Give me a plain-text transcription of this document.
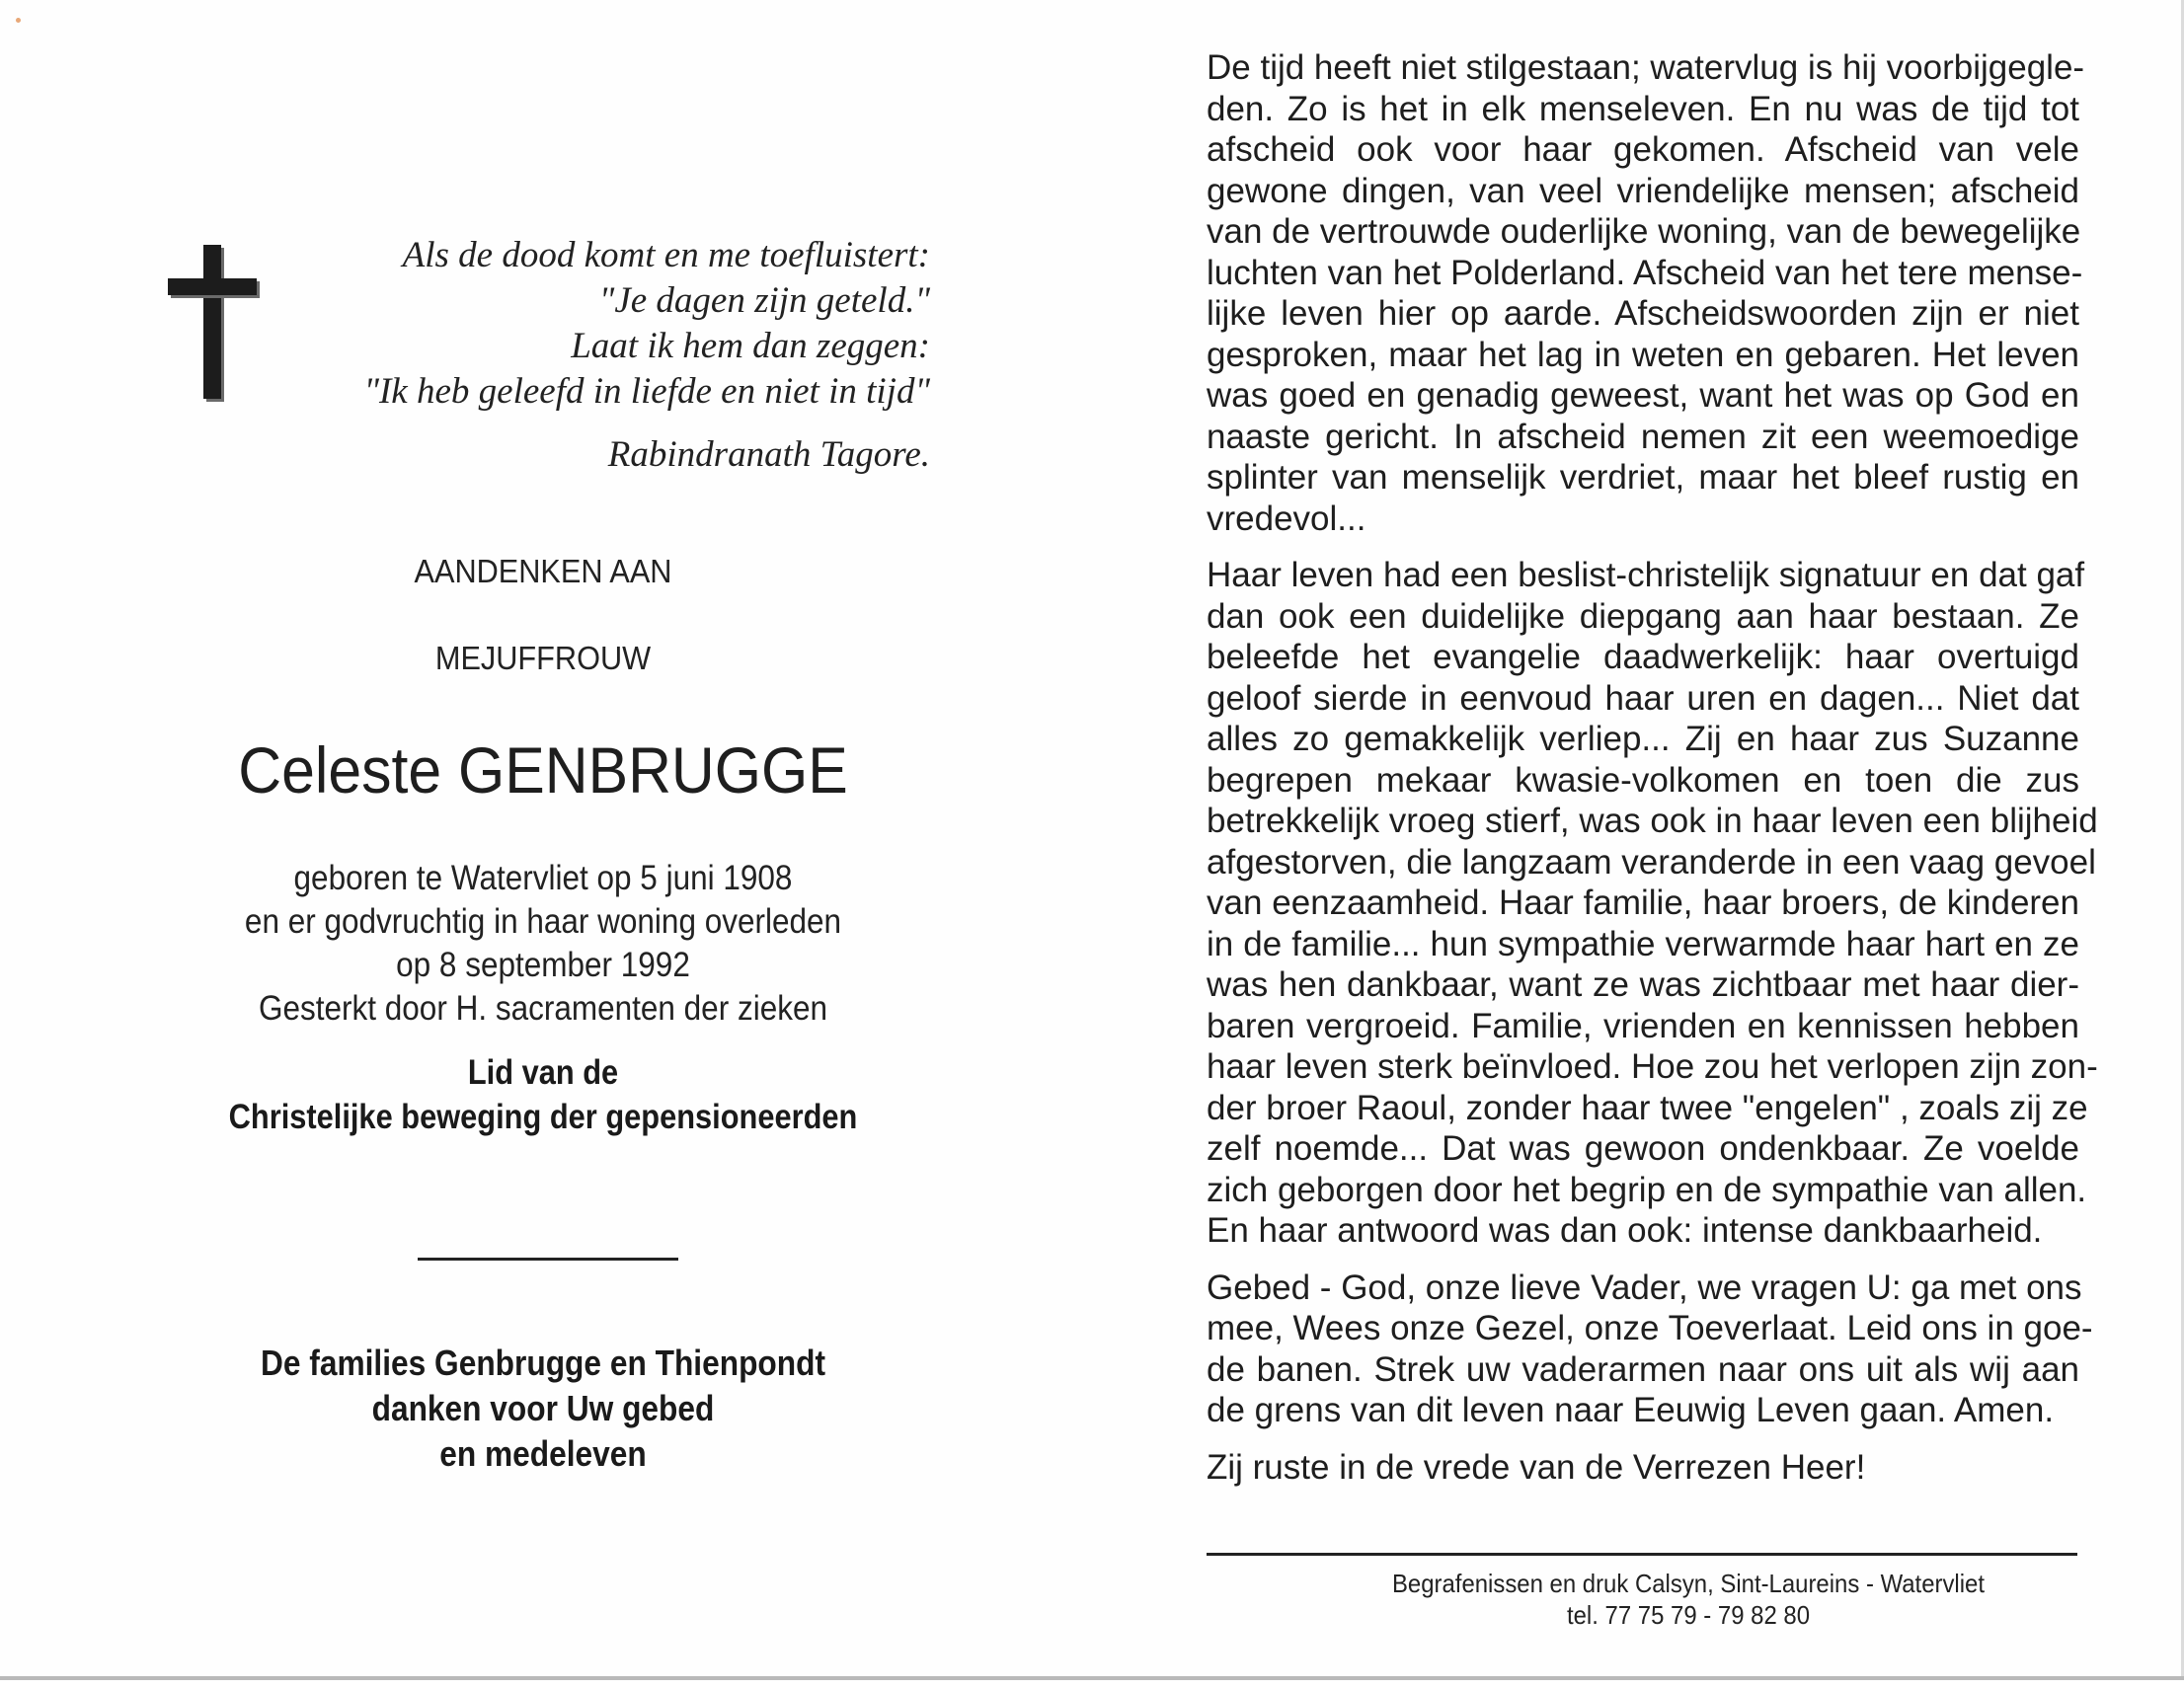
Als de dood komt en me toefluistert:
"Je dagen zijn geteld."
Laat ik hem dan zeggen:
"Ik heb geleefd in liefde en niet in tijd"
Rabindranath Tagore.
AANDENKEN AAN
MEJUFFROUW
Celeste GENBRUGGE
geboren te Watervliet op 5 juni 1908
en er godvruchtig in haar woning overleden
op 8 september 1992
Gesterkt door H. sacramenten der zieken
Lid van de
Christelijke beweging der gepensioneerden
De families Genbrugge en Thienpondt
danken voor Uw gebed
en medeleven
De tijd heeft niet stilgestaan; watervlug is hij voorbijgegle-
den. Zo is het in elk menseleven. En nu was de tijd tot
afscheid ook voor haar gekomen. Afscheid van vele
gewone dingen, van veel vriendelijke mensen; afscheid
van de vertrouwde ouderlijke woning, van de bewegelijke
luchten van het Polderland. Afscheid van het tere mense-
lijke leven hier op aarde. Afscheidswoorden zijn er niet
gesproken, maar het lag in weten en gebaren. Het leven
was goed en genadig geweest, want het was op God en
naaste gericht. In afscheid nemen zit een weemoedige
splinter van menselijk verdriet, maar het bleef rustig en
vredevol...
Haar leven had een beslist-christelijk signatuur en dat gaf
dan ook een duidelijke diepgang aan haar bestaan. Ze
beleefde het evangelie daadwerkelijk: haar overtuigd
geloof sierde in eenvoud haar uren en dagen... Niet dat
alles zo gemakkelijk verliep... Zij en haar zus Suzanne
begrepen mekaar kwasie-volkomen en toen die zus
betrekkelijk vroeg stierf, was ook in haar leven een blijheid
afgestorven, die langzaam veranderde in een vaag gevoel
van eenzaamheid. Haar familie, haar broers, de kinderen
in de familie... hun sympathie verwarmde haar hart en ze
was hen dankbaar, want ze was zichtbaar met haar dier-
baren vergroeid. Familie, vrienden en kennissen hebben
haar leven sterk beïnvloed. Hoe zou het verlopen zijn zon-
der broer Raoul, zonder haar twee "engelen" , zoals zij ze
zelf noemde... Dat was gewoon ondenkbaar. Ze voelde
zich geborgen door het begrip en de sympathie van allen.
En haar antwoord was dan ook: intense dankbaarheid.
Gebed - God, onze lieve Vader, we vragen U: ga met ons
mee, Wees onze Gezel, onze Toeverlaat. Leid ons in goe-
de banen. Strek uw vaderarmen naar ons uit als wij aan
de grens van dit leven naar Eeuwig Leven gaan. Amen.
Zij ruste in de vrede van de Verrezen Heer!
Begrafenissen en druk Calsyn, Sint-Laureins - Watervliet
tel. 77 75 79 - 79 82 80
